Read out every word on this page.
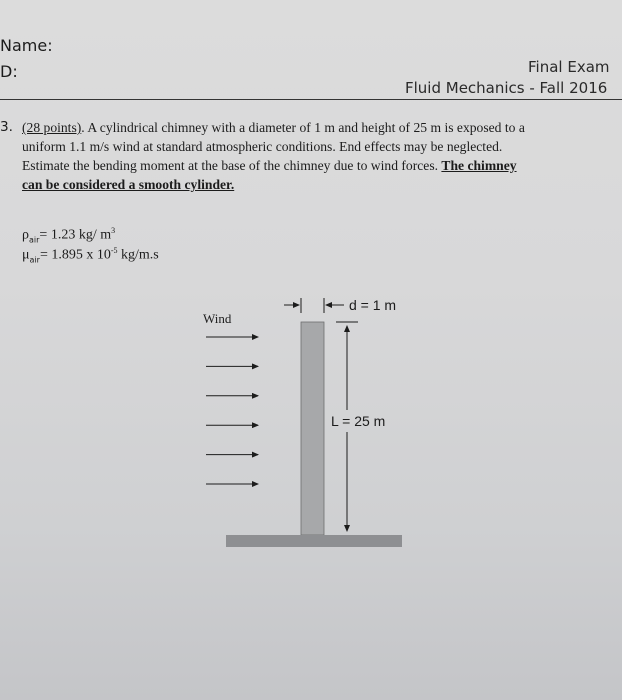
Name:
D:	Final Exam
Fluid Mechanics - Fall 2016
3. (28 points). A cylindrical chimney with a diameter of 1 m and height of 25 m is exposed to a
uniform 1.1 m/s wind at standard atmospheric conditions. End effects may be neglected.
Estimate the bending moment at the base of the chimney due to wind forces. The chimney
can be considered a smooth cylinder.
$\rho_{air}= 1.23$ kg/ $m^3$
$\mu_{air}= 1.895$ x $10^{-5}$ kg/m.s
Wind
d = 1 m
L = 25 m
